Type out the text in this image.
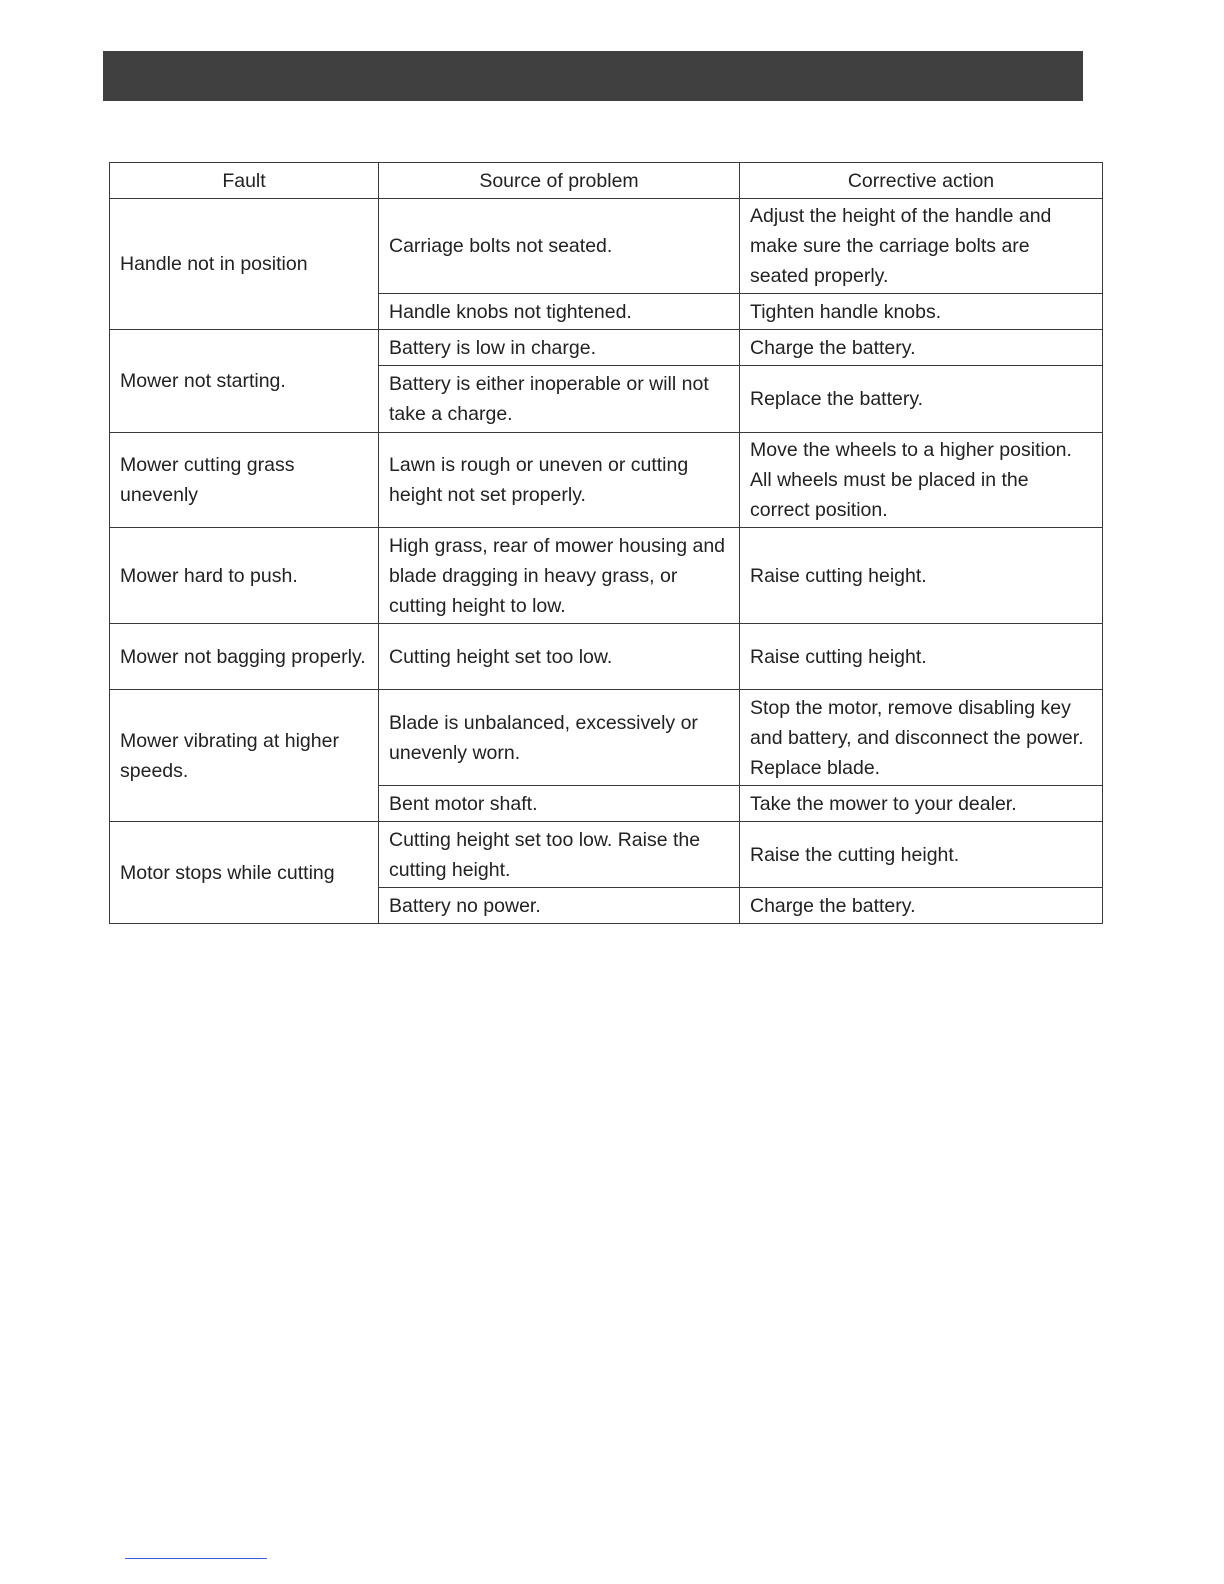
Fault	Source of problem	Corrective action
Handle not in position	Carriage bolts not seated.	Adjust the height of the handle and make sure the carriage bolts are seated properly.
	Handle knobs not tightened.	Tighten handle knobs.
Mower not starting.	Battery is low in charge.	Charge the battery.
	Battery is either inoperable or will not take a charge.	Replace the battery.
Mower cutting grass unevenly	Lawn is rough or uneven or cutting height not set properly.	Move the wheels to a higher position. All wheels must be placed in the correct position.
Mower hard to push.	High grass, rear of mower housing and blade dragging in heavy grass, or cutting height to low.	Raise cutting height.
Mower not bagging properly.	Cutting height set too low.	Raise cutting height.
Mower vibrating at higher speeds.	Blade is unbalanced, excessively or unevenly worn.	Stop the motor, remove disabling key and battery, and disconnect the power. Replace blade.
	Bent motor shaft.	Take the mower to your dealer.
Motor stops while cutting	Cutting height set too low. Raise the cutting height.	Raise the cutting height.
	Battery no power.	Charge the battery.
